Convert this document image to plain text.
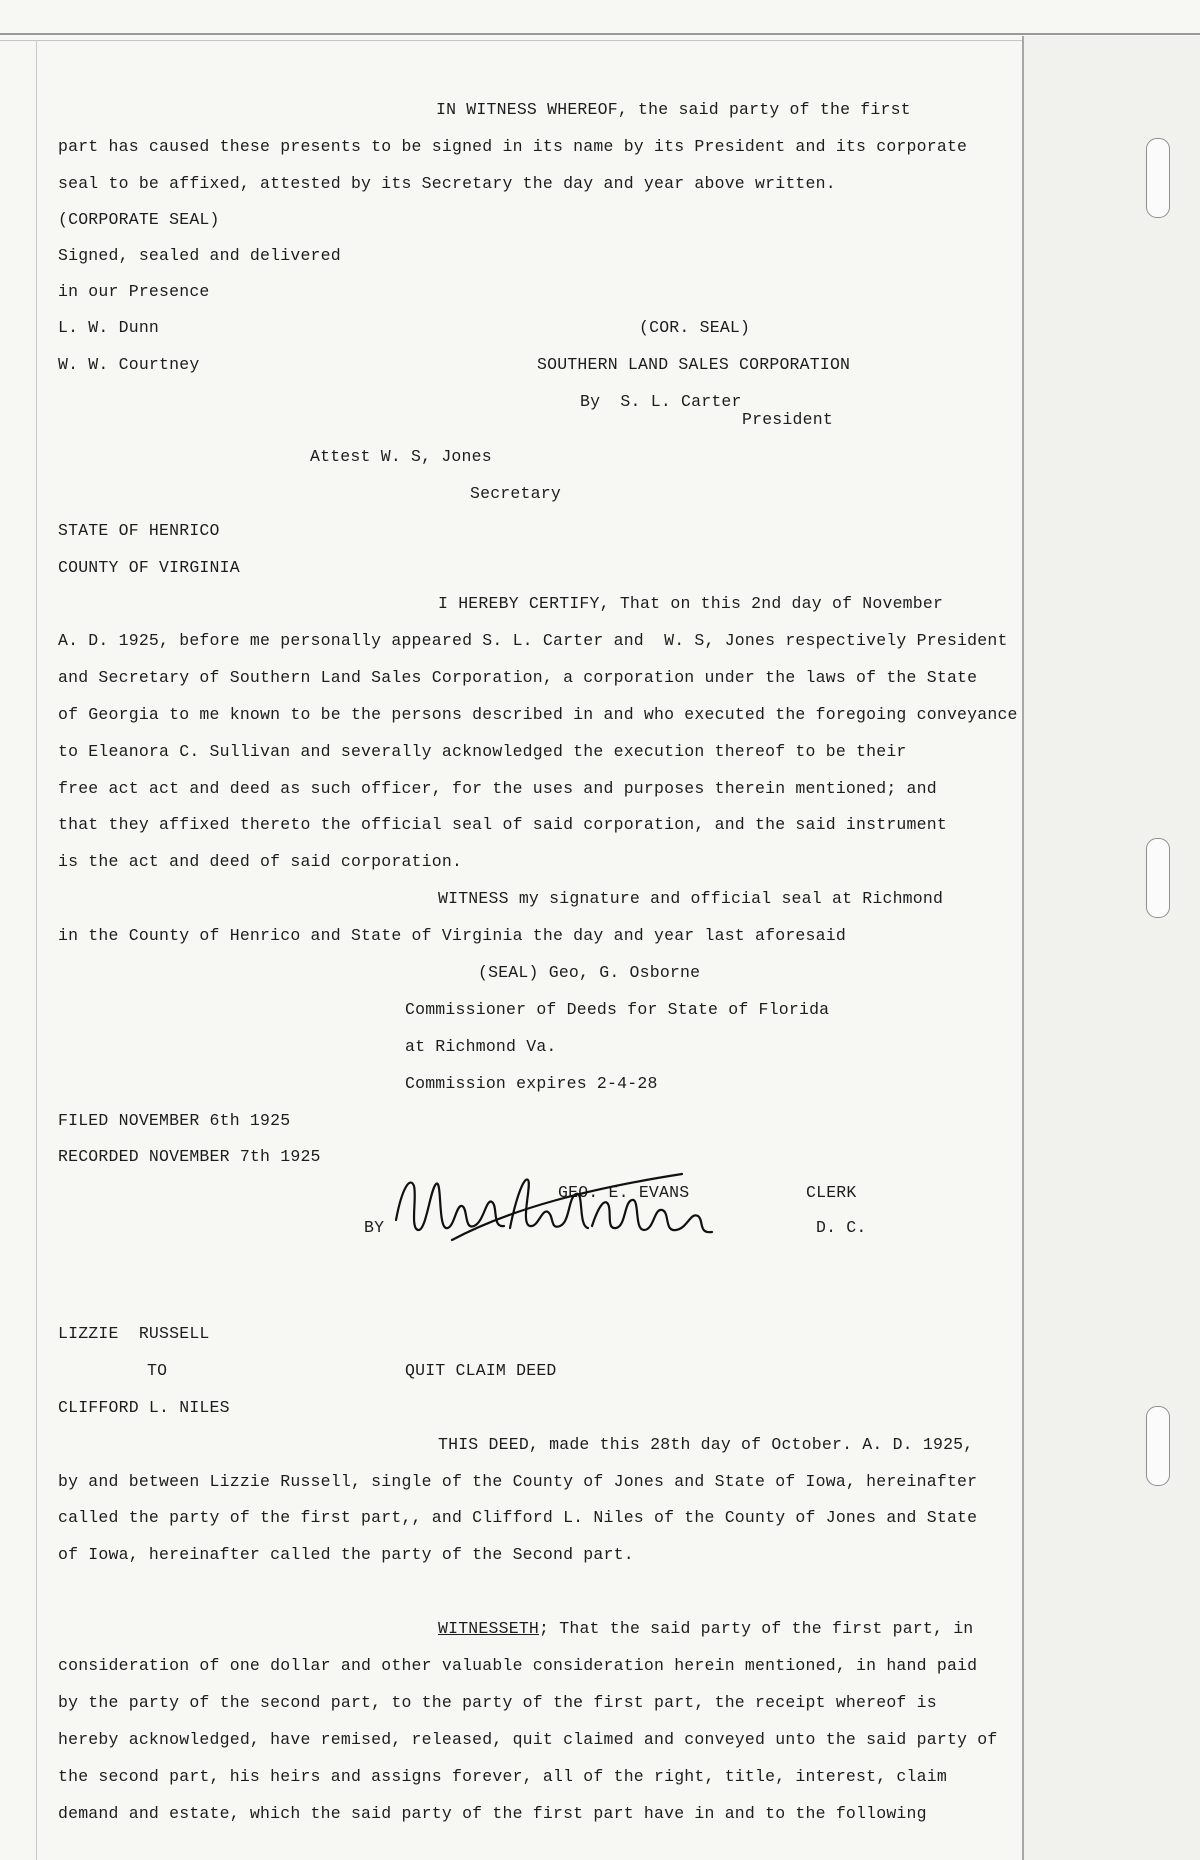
IN WITNESS WHEREOF, the said party of the first
part has caused these presents to be signed in its name by its President and its corporate
seal to be affixed, attested by its Secretary the day and year above written.
(CORPORATE SEAL)
Signed, sealed and delivered
in our Presence
L. W. Dunn	(COR. SEAL)
W. W. Courtney	SOUTHERN LAND SALES CORPORATION
By  S. L. Carter
President
Attest W. S, Jones
Secretary
STATE OF HENRICO
COUNTY OF VIRGINIA
I HEREBY CERTIFY, That on this 2nd day of November
A. D. 1925, before me personally appeared S. L. Carter and  W. S, Jones respectively President
and Secretary of Southern Land Sales Corporation, a corporation under the laws of the State
of Georgia to me known to be the persons described in and who executed the foregoing conveyance
to Eleanora C. Sullivan and severally acknowledged the execution thereof to be their
free act act and deed as such officer, for the uses and purposes therein mentioned; and
that they affixed thereto the official seal of said corporation, and the said instrument
is the act and deed of said corporation.
WITNESS my signature and official seal at Richmond
in the County of Henrico and State of Virginia the day and year last aforesaid
(SEAL) Geo, G. Osborne
Commissioner of Deeds for State of Florida
at Richmond Va.
Commission expires 2-4-28
FILED NOVEMBER 6th 1925
RECORDED NOVEMBER 7th 1925
GEO. E. EVANS	CLERK
BY	D. C.
LIZZIE  RUSSELL
TO	QUIT CLAIM DEED
CLIFFORD L. NILES
THIS DEED, made this 28th day of October. A. D. 1925,
by and between Lizzie Russell, single of the County of Jones and State of Iowa, hereinafter
called the party of the first part,, and Clifford L. Niles of the County of Jones and State
of Iowa, hereinafter called the party of the Second part.
WITNESSETH; That the said party of the first part, in
consideration of one dollar and other valuable consideration herein mentioned, in hand paid
by the party of the second part, to the party of the first part, the receipt whereof is
hereby acknowledged, have remised, released, quit claimed and conveyed unto the said party of
the second part, his heirs and assigns forever, all of the right, title, interest, claim
demand and estate, which the said party of the first part have in and to the following
